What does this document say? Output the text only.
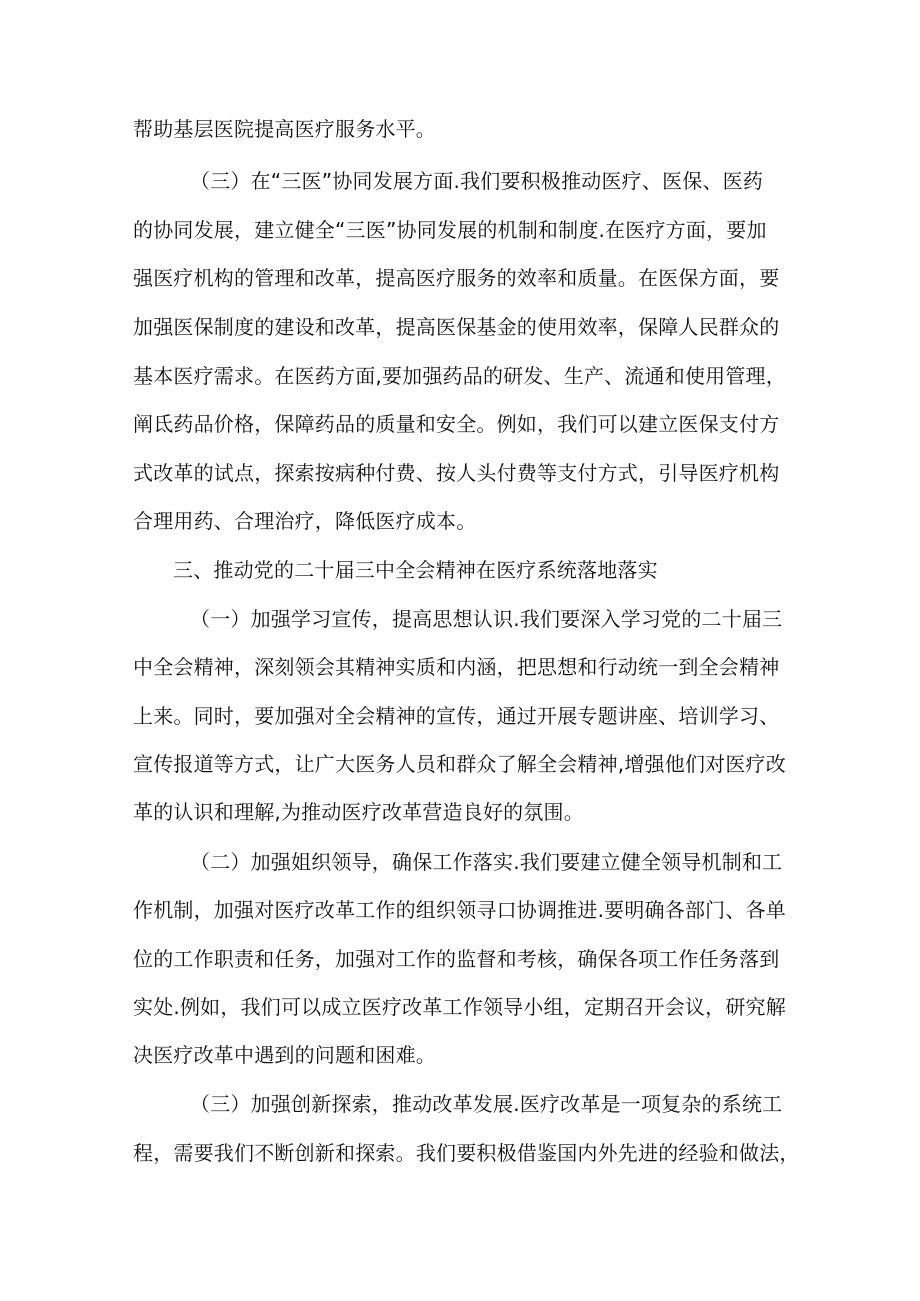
帮助基层医院提高医疗服务水平。
（三）在“三医”协同发展方面.我们要积极推动医疗、医保、医药
的协同发展，建立健全“三医”协同发展的机制和制度.在医疗方面，要加
强医疗机构的管理和改革，提高医疗服务的效率和质量。在医保方面，要
加强医保制度的建设和改革，提高医保基金的使用效率，保障人民群众的
基本医疗需求。在医药方面,要加强药品的研发、生产、流通和使用管理，
阐氐药品价格，保障药品的质量和安全。例如，我们可以建立医保支付方
式改革的试点，探索按病种付费、按人头付费等支付方式，引导医疗机构
合理用药、合理治疗，降低医疗成本。
三、推动党的二十届三中全会精神在医疗系统落地落实
（一）加强学习宣传，提高思想认识.我们要深入学习党的二十届三
中全会精神，深刻领会其精神实质和内涵，把思想和行动统一到全会精神
上来。同时，要加强对全会精神的宣传，通过开展专题讲座、培训学习、
宣传报道等方式，让广大医务人员和群众了解全会精神,增强他们对医疗改
革的认识和理解,为推动医疗改革营造良好的氛围。
（二）加强姐织领导，确保工作落实.我们要建立健全领导机制和工
作机制，加强对医疗改革工作的组织领寻口协调推进.要明确各部门、各单
位的工作职责和任务，加强对工作的监督和考核，确保各项工作任务落到
实处.例如，我们可以成立医疗改革工作领导小组，定期召开会议，研究解
决医疗改革中遇到的问题和困难。
（三）加强创新探索，推动改革发展.医疗改革是一项复杂的系统工
程，需要我们不断创新和探索。我们要积极借鉴国内外先进的经验和做法，
